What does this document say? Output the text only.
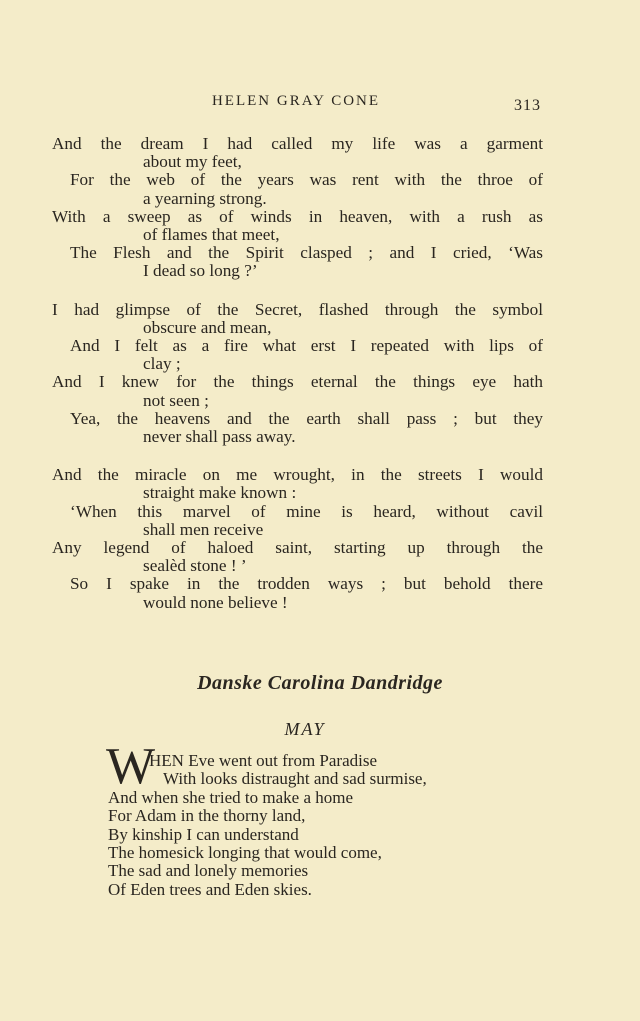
HELEN GRAY CONE	313
And the dream I had called my life was a garment
about my feet,
For the web of the years was rent with the throe of
a yearning strong.
With a sweep as of winds in heaven, with a rush as
of flames that meet,
The Flesh and the Spirit clasped ; and I cried, ‘Was
I dead so long ?’
I had glimpse of the Secret, flashed through the symbol
obscure and mean,
And I felt as a fire what erst I repeated with lips of
clay ;
And I knew for the things eternal the things eye hath
not seen ;
Yea, the heavens and the earth shall pass ; but they
never shall pass away.
And the miracle on me wrought, in the streets I would
straight make known :
‘When this marvel of mine is heard, without cavil
shall men receive
Any legend of haloed saint, starting up through the
sealèd stone ! ’
So I spake in the trodden ways ; but behold there
would none believe !
Danske Carolina Dandridge
MAY
W
HEN Eve went out from Paradise
With looks distraught and sad surmise,
And when she tried to make a home
For Adam in the thorny land,
By kinship I can understand
The homesick longing that would come,
The sad and lonely memories
Of Eden trees and Eden skies.
